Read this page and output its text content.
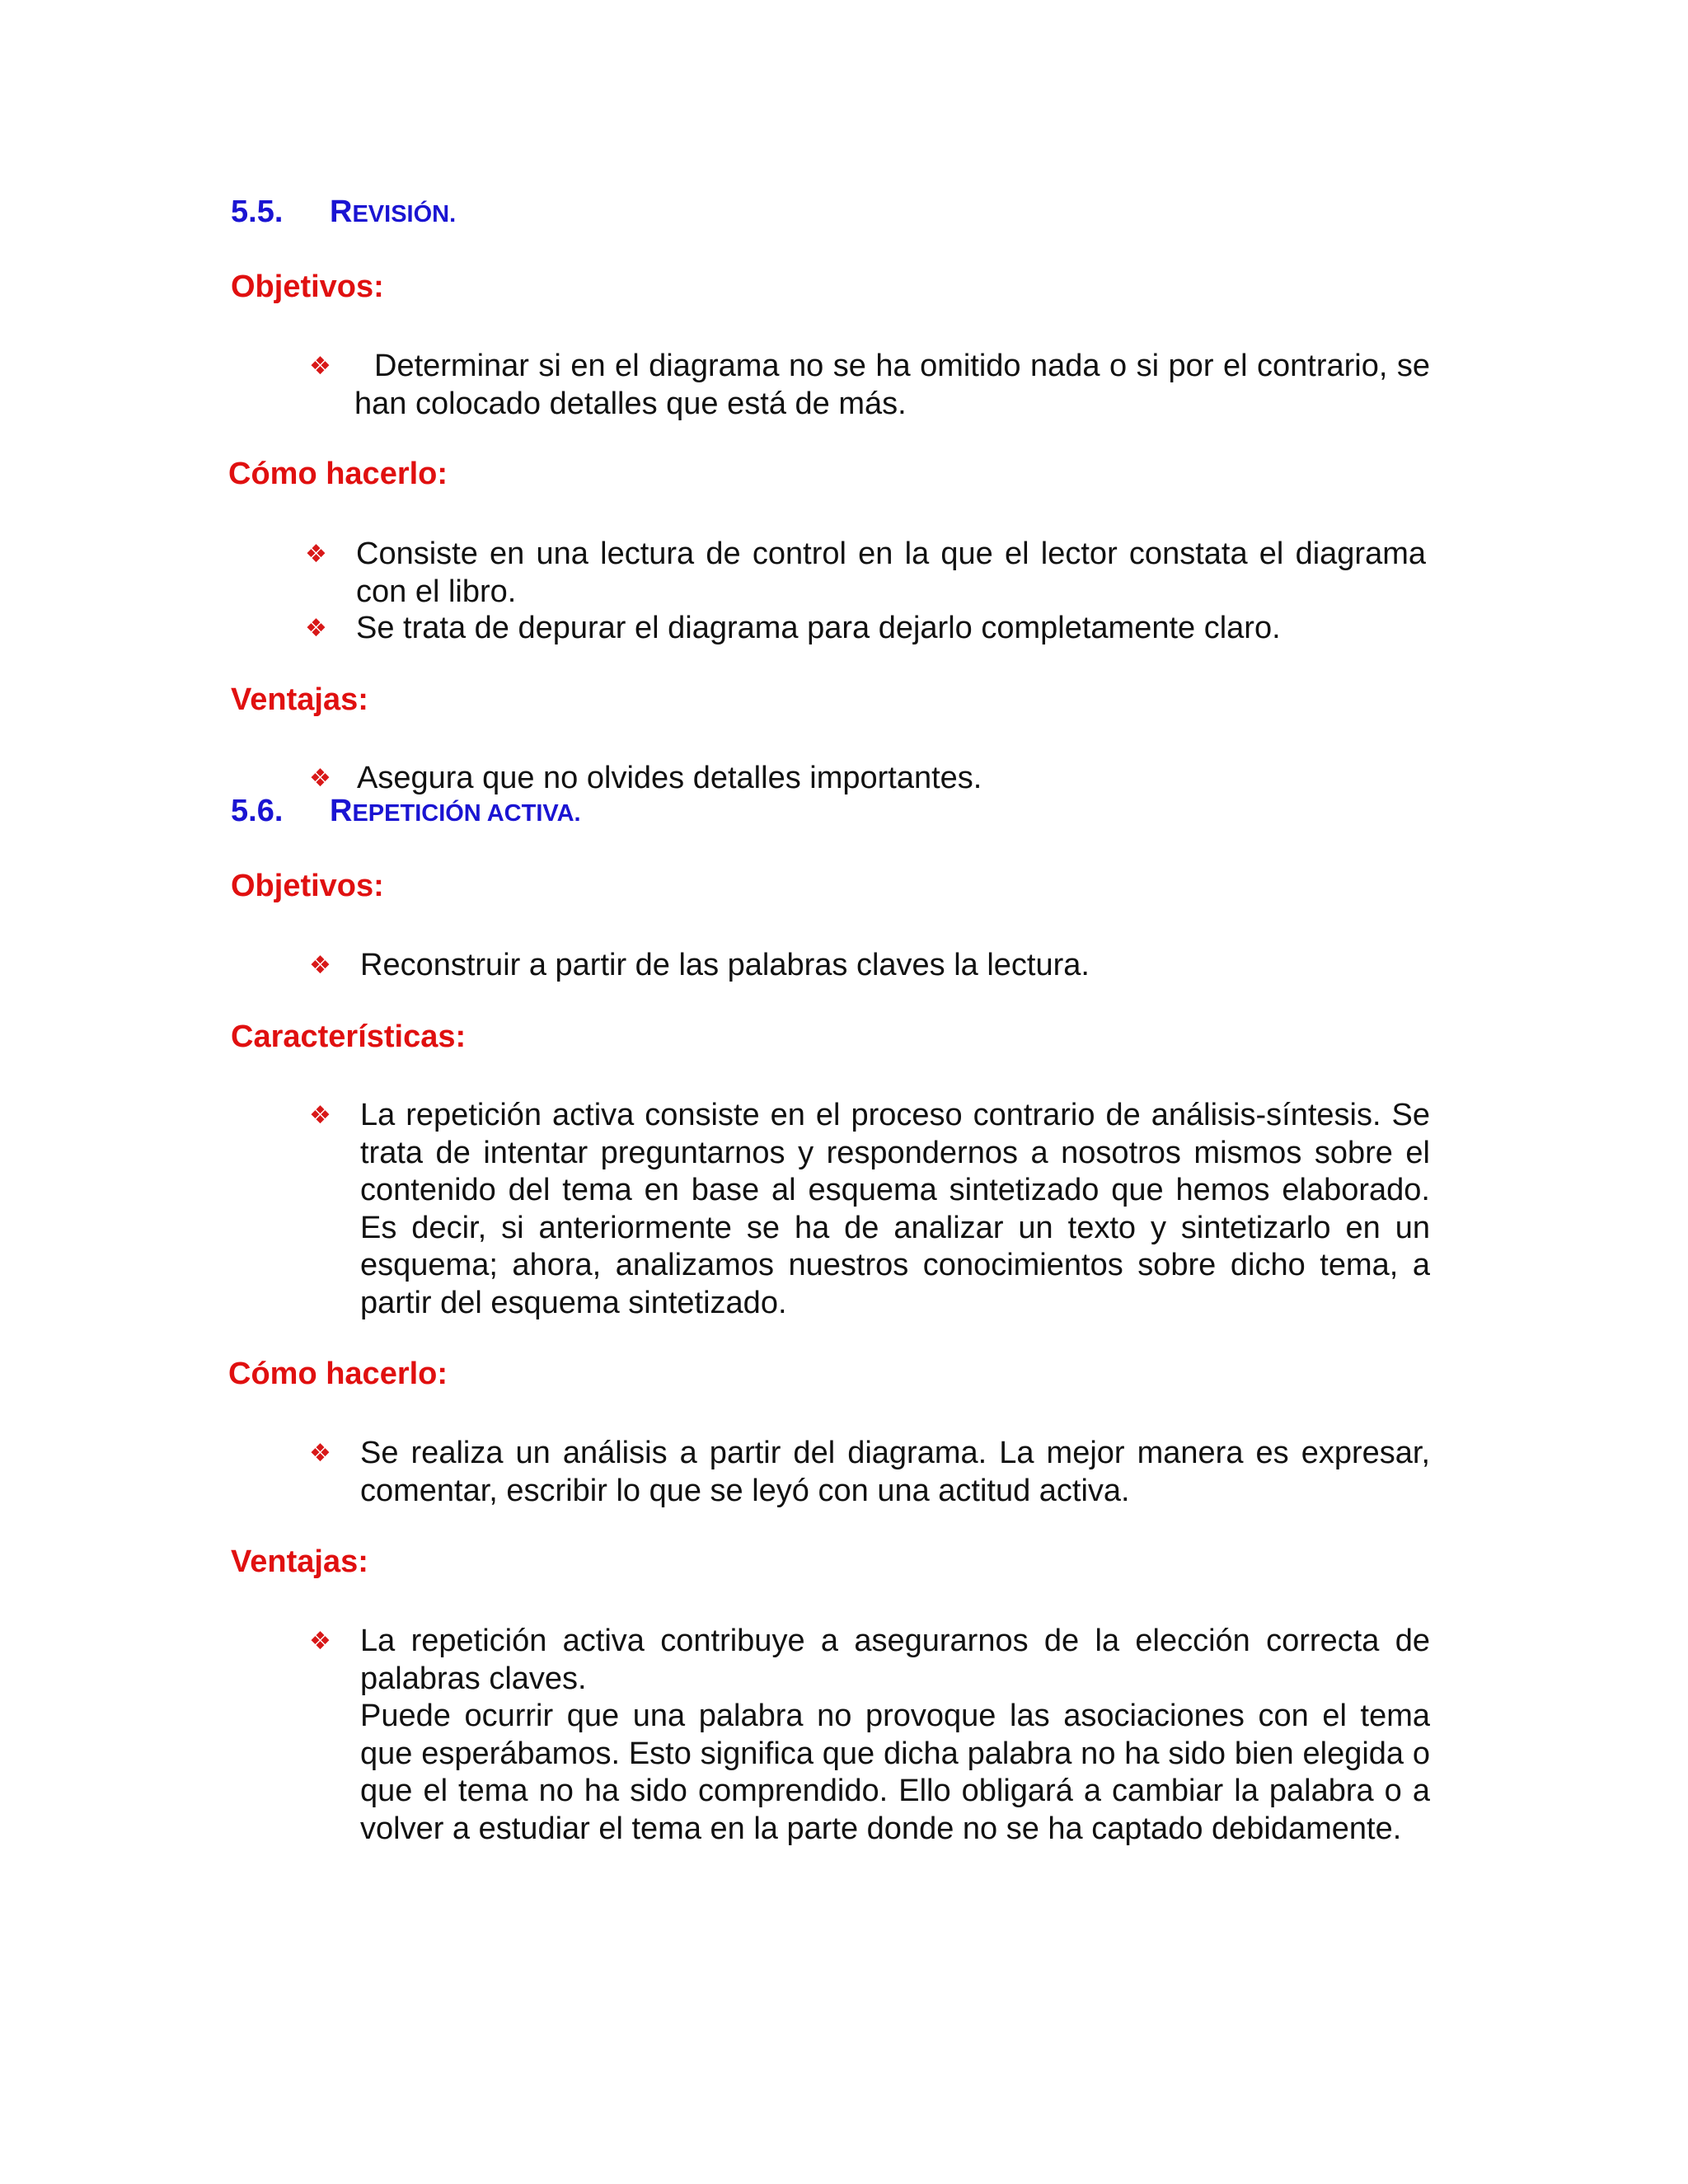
5.5. REVISIÓN.
Objetivos:
❖	Determinar si en el diagrama no se ha omitido nada o si por el contrario, se han colocado detalles que está de más.
Cómo hacerlo:
❖ Consiste en una lectura de control en la que el lector constata el diagrama con el libro.
❖ Se trata de depurar el diagrama para dejarlo completamente claro.
Ventajas:
❖ Asegura que no olvides detalles importantes.
5.6. REPETICIÓN ACTIVA.
Objetivos:
❖ Reconstruir a partir de las palabras claves la lectura.
Características:
❖ La repetición activa consiste en el proceso contrario de análisis-síntesis. Se trata de intentar preguntarnos y respondernos a nosotros mismos sobre el contenido del tema en base al esquema sintetizado que hemos elaborado. Es decir, si anteriormente se ha de analizar un texto y sintetizarlo en un esquema; ahora, analizamos nuestros conocimientos sobre dicho tema, a partir del esquema sintetizado.
Cómo hacerlo:
❖ Se realiza un análisis a partir del diagrama. La mejor manera es expresar, comentar, escribir lo que se leyó con una actitud activa.
Ventajas:
❖ La repetición activa contribuye a asegurarnos de la elección correcta de palabras claves.
Puede ocurrir que una palabra no provoque las asociaciones con el tema que esperábamos. Esto significa que dicha palabra no ha sido bien elegida o que el tema no ha sido comprendido. Ello obligará a cambiar la palabra o a volver a estudiar el tema en la parte donde no se ha captado debidamente.
